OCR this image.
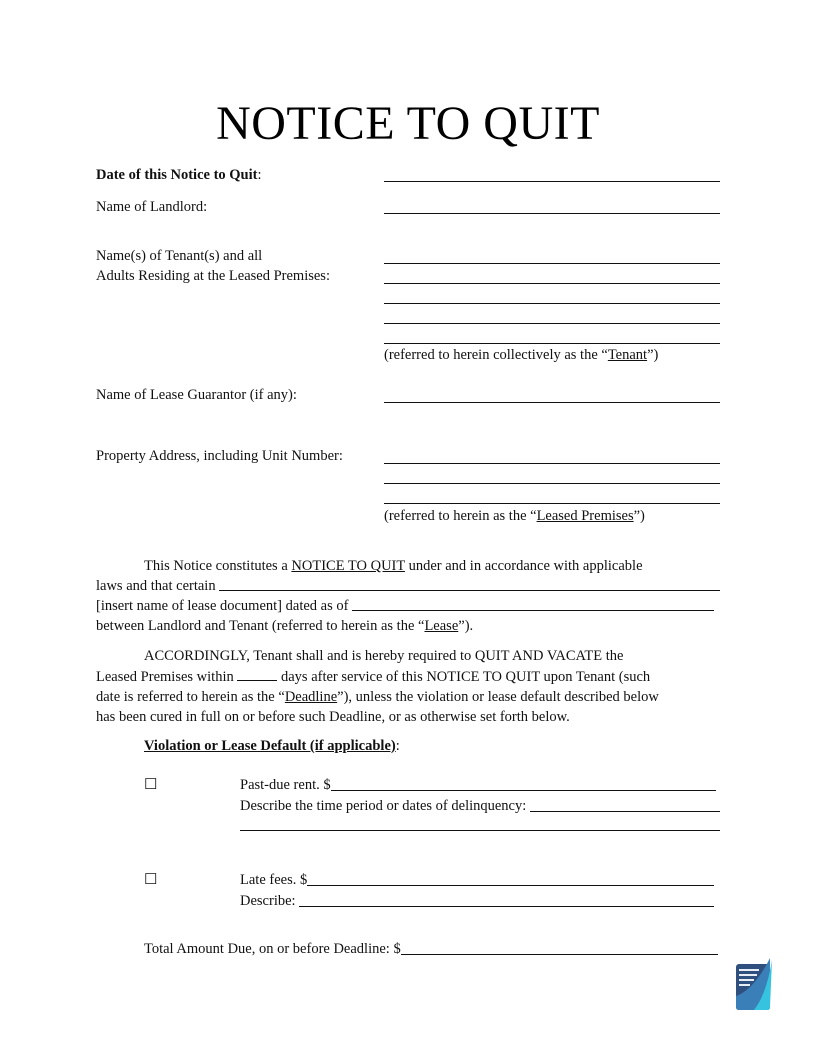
NOTICE TO QUIT
Date of this Notice to Quit:
Name of Landlord:
Name(s) of Tenant(s) and all
Adults Residing at the Leased Premises:
(referred to herein collectively as the “Tenant”)
Name of Lease Guarantor (if any):
Property Address, including Unit Number:
(referred to herein as the “Leased Premises”)
This Notice constitutes a NOTICE TO QUIT under and in accordance with applicable
laws and that certain
[insert name of lease document] dated as of
between Landlord and Tenant (referred to herein as the “Lease”).
ACCORDINGLY, Tenant shall and is hereby required to QUIT AND VACATE the
Leased Premises within	days after service of this NOTICE TO QUIT upon Tenant (such
date is referred to herein as the “Deadline”), unless the violation or lease default described below
has been cured in full on or before such Deadline, or as otherwise set forth below.
Violation or Lease Default (if applicable):
☐	Past-due rent. $
Describe the time period or dates of delinquency:
☐	Late fees. $
Describe:
Total Amount Due, on or before Deadline: $
